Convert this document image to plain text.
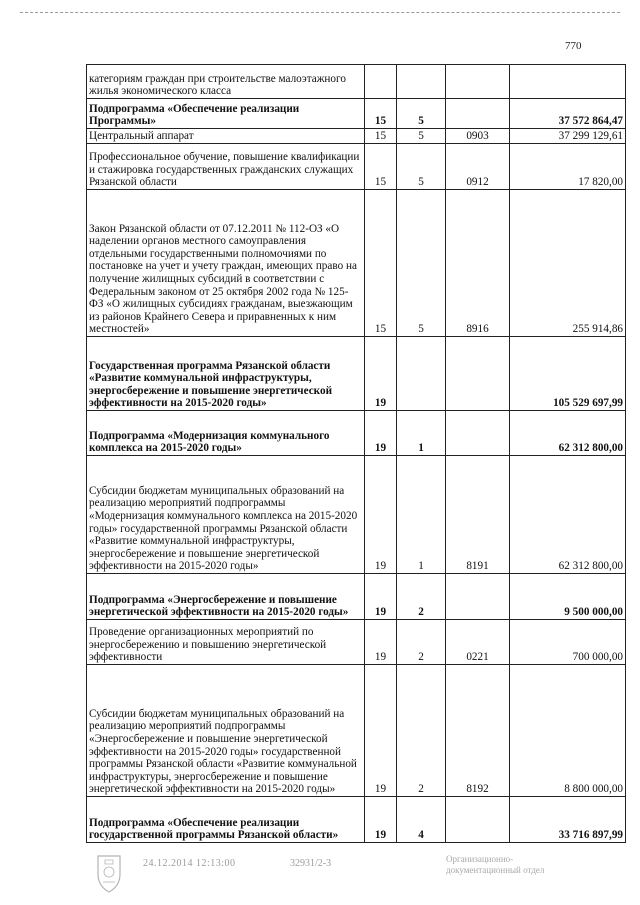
770
категориям граждан при строительстве малоэтажного жилья экономического класса				
Подпрограмма «Обеспечение реализации Программы»	15	5		37 572 864,47
Центральный аппарат	15	5	0903	37 299 129,61
Профессиональное обучение, повышение квалификации и стажировка государственных гражданских служащих Рязанской области	15	5	0912	17 820,00
Закон Рязанской области от 07.12.2011 № 112-ОЗ «О наделении органов местного самоуправления отдельными государственными полномочиями по постановке на учет и учету граждан, имеющих право на получение жилищных субсидий в соответствии с Федеральным законом от 25 октября 2002 года № 125-ФЗ «О жилищных субсидиях гражданам, выезжающим из районов Крайнего Севера и приравненных к ним местностей»	15	5	8916	255 914,86
Государственная программа Рязанской области «Развитие коммунальной инфраструктуры, энергосбережение и повышение энергетической эффективности на 2015-2020 годы»	19			105 529 697,99
Подпрограмма «Модернизация коммунального комплекса на 2015-2020 годы»	19	1		62 312 800,00
Субсидии бюджетам муниципальных образований на реализацию мероприятий подпрограммы «Модернизация коммунального комплекса на 2015-2020 годы» государственной программы Рязанской области «Развитие коммунальной инфраструктуры, энергосбережение и повышение энергетической эффективности на 2015-2020 годы»	19	1	8191	62 312 800,00
Подпрограмма «Энергосбережение и повышение энергетической эффективности на 2015-2020 годы»	19	2		9 500 000,00
Проведение организационных мероприятий по энергосбережению и повышению энергетической эффективности	19	2	0221	700 000,00
Субсидии бюджетам муниципальных образований на реализацию мероприятий подпрограммы «Энергосбережение и повышение энергетической эффективности на 2015-2020 годы» государственной программы Рязанской области «Развитие коммунальной инфраструктуры, энергосбережение и повышение энергетической эффективности на 2015-2020 годы»	19	2	8192	8 800 000,00
Подпрограмма «Обеспечение реализации государственной программы Рязанской области»	19	4		33 716 897,99
24.12.2014 12:13:00	32931/2-3	Организационно-документационный отдел
